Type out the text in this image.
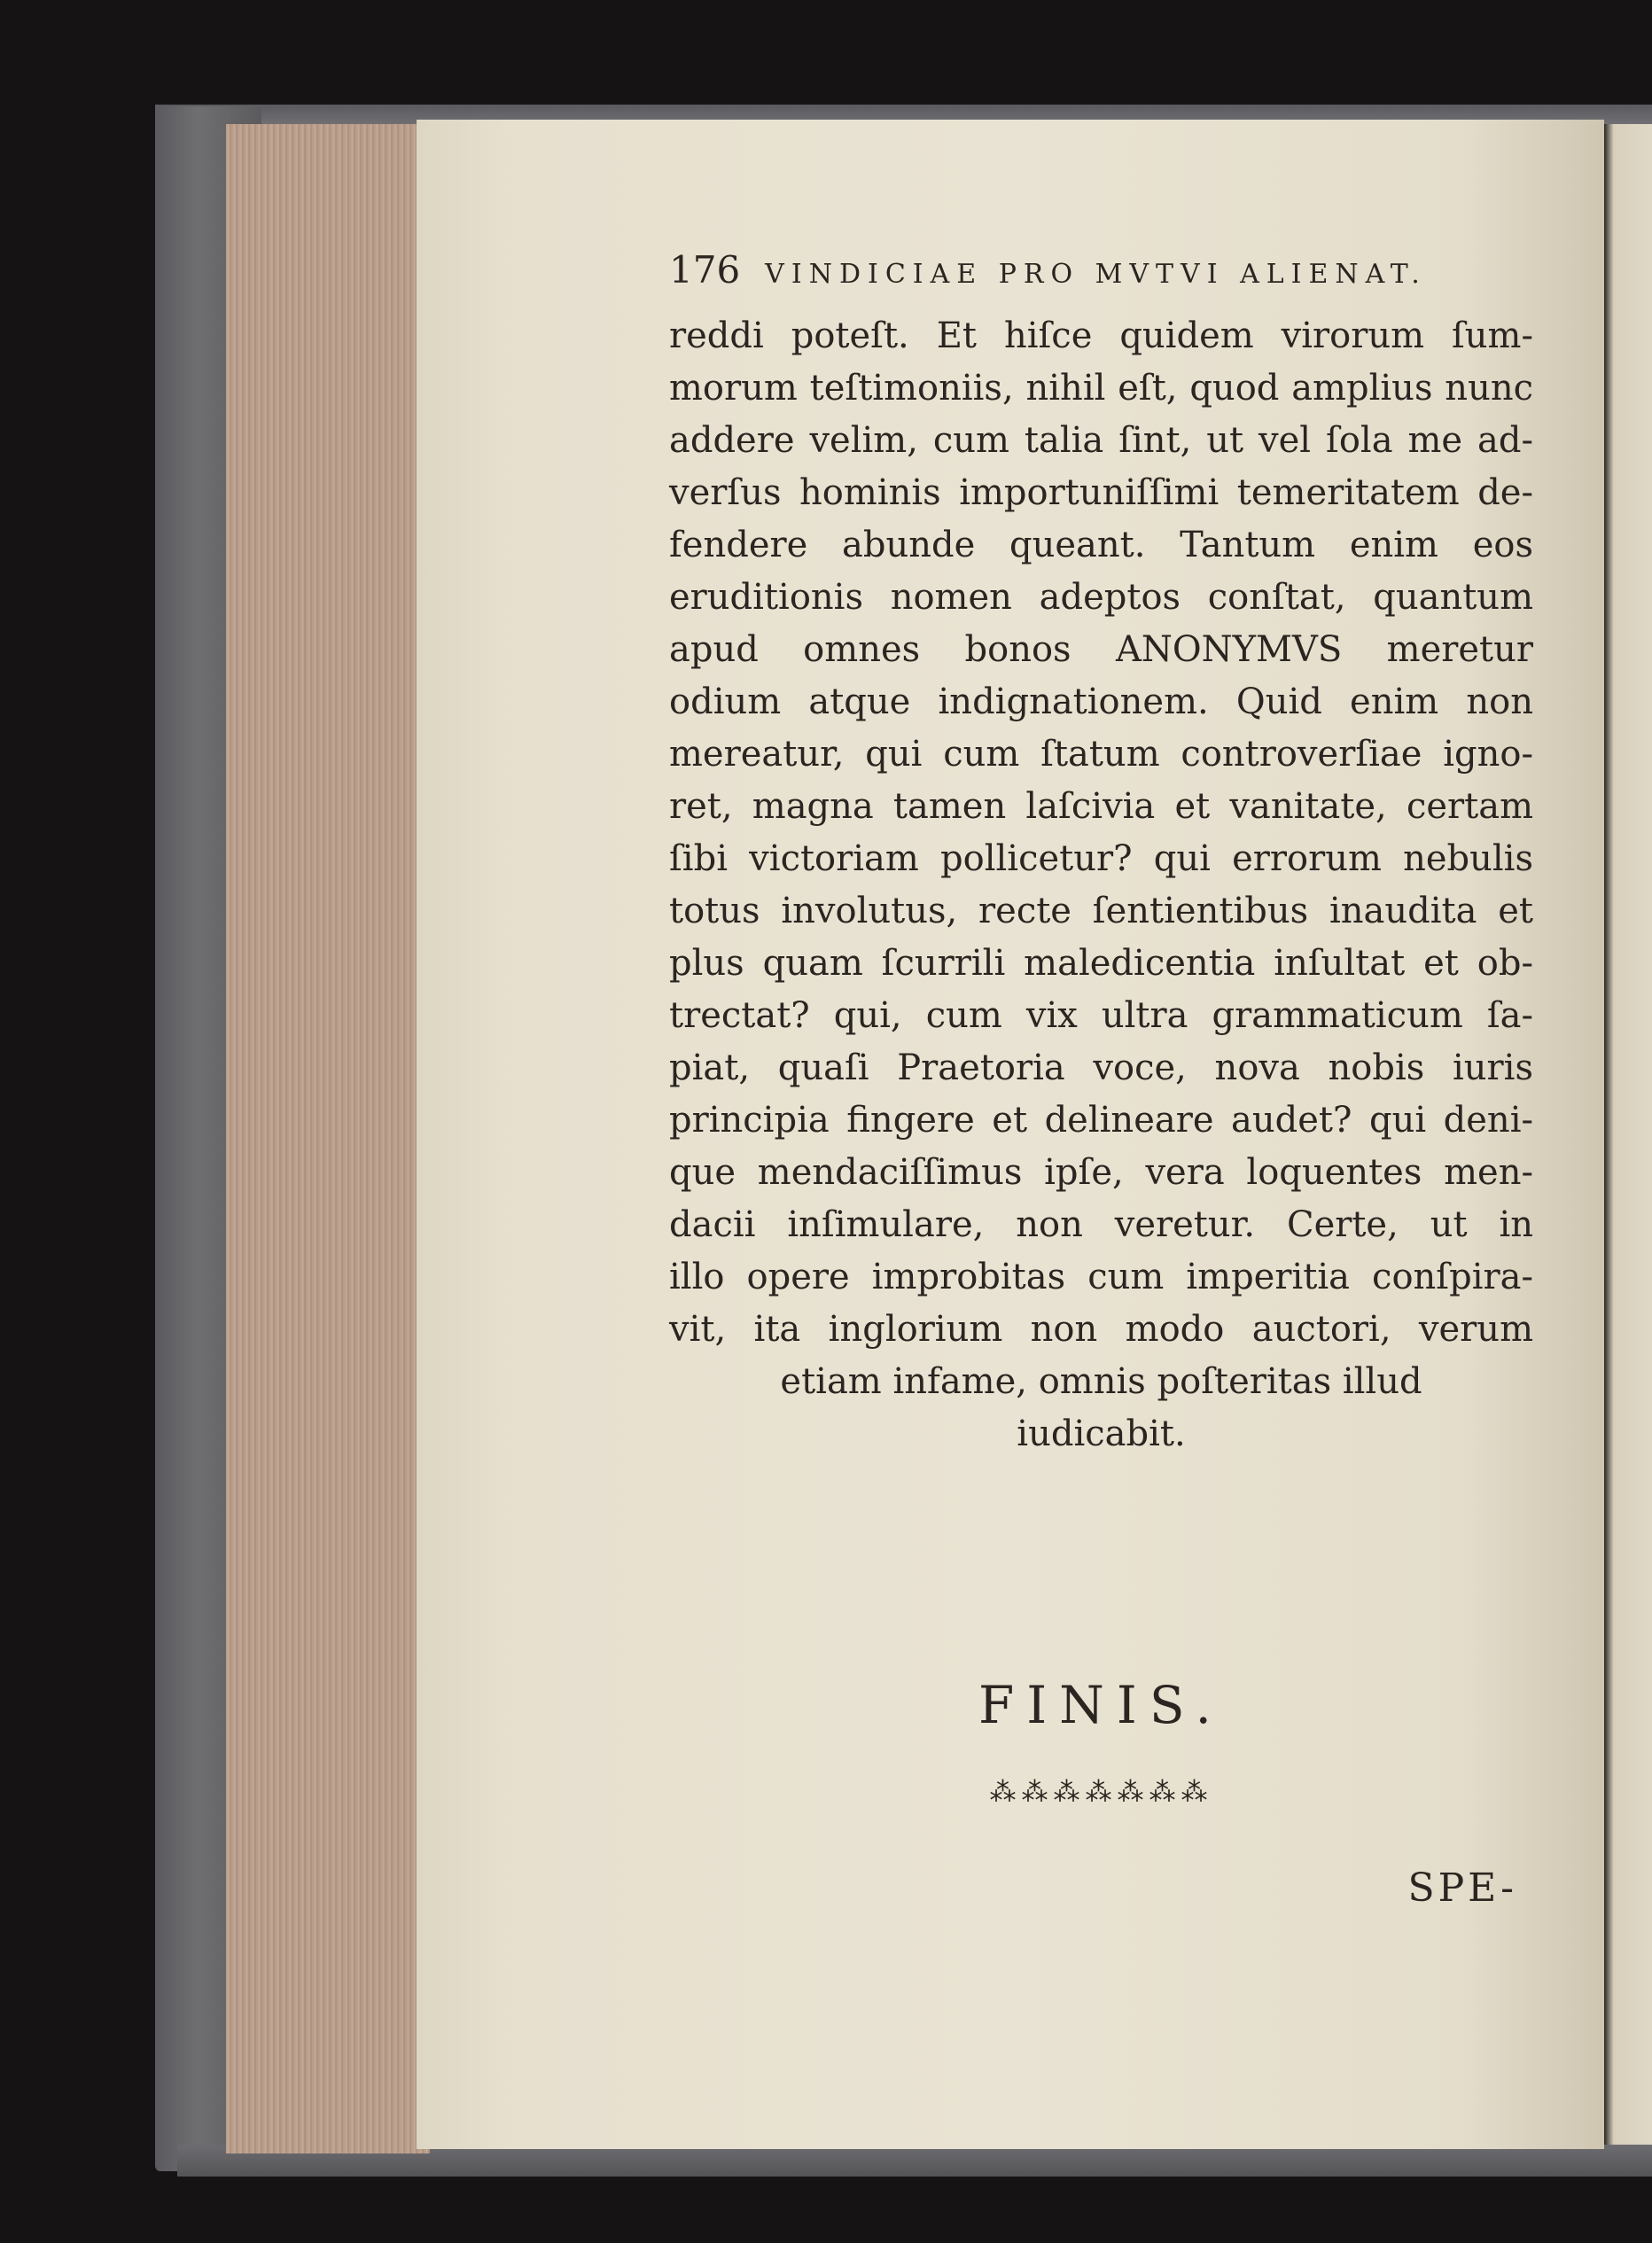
176 VINDICIAE PRO MVTVI ALIENAT.
reddi poteſt. Et hiſce quidem virorum ſum-
morum teſtimoniis, nihil eſt, quod amplius nunc
addere velim, cum talia ſint, ut vel ſola me ad-
verſus hominis importuniſſimi temeritatem de-
fendere abunde queant. Tantum enim eos
eruditionis nomen adeptos conſtat, quantum
apud omnes bonos ANONYMVS meretur
odium atque indignationem. Quid enim non
mereatur, qui cum ſtatum controverſiae igno-
ret, magna tamen laſcivia et vanitate, certam
ſibi victoriam pollicetur? qui errorum nebulis
totus involutus, recte ſentientibus inaudita et
plus quam ſcurrili maledicentia inſultat et ob-
trectat? qui, cum vix ultra grammaticum ſa-
piat, quaſi Praetoria voce, nova nobis iuris
principia fingere et delineare audet? qui deni-
que mendaciſſimus ipſe, vera loquentes men-
dacii inſimulare, non veretur. Certe, ut in
illo opere improbitas cum imperitia conſpira-
vit, ita inglorium non modo auctori, verum
etiam infame, omnis poſteritas illud
iudicabit.
FINIS.
⁂⁂⁂⁂⁂⁂⁂
SPE-
